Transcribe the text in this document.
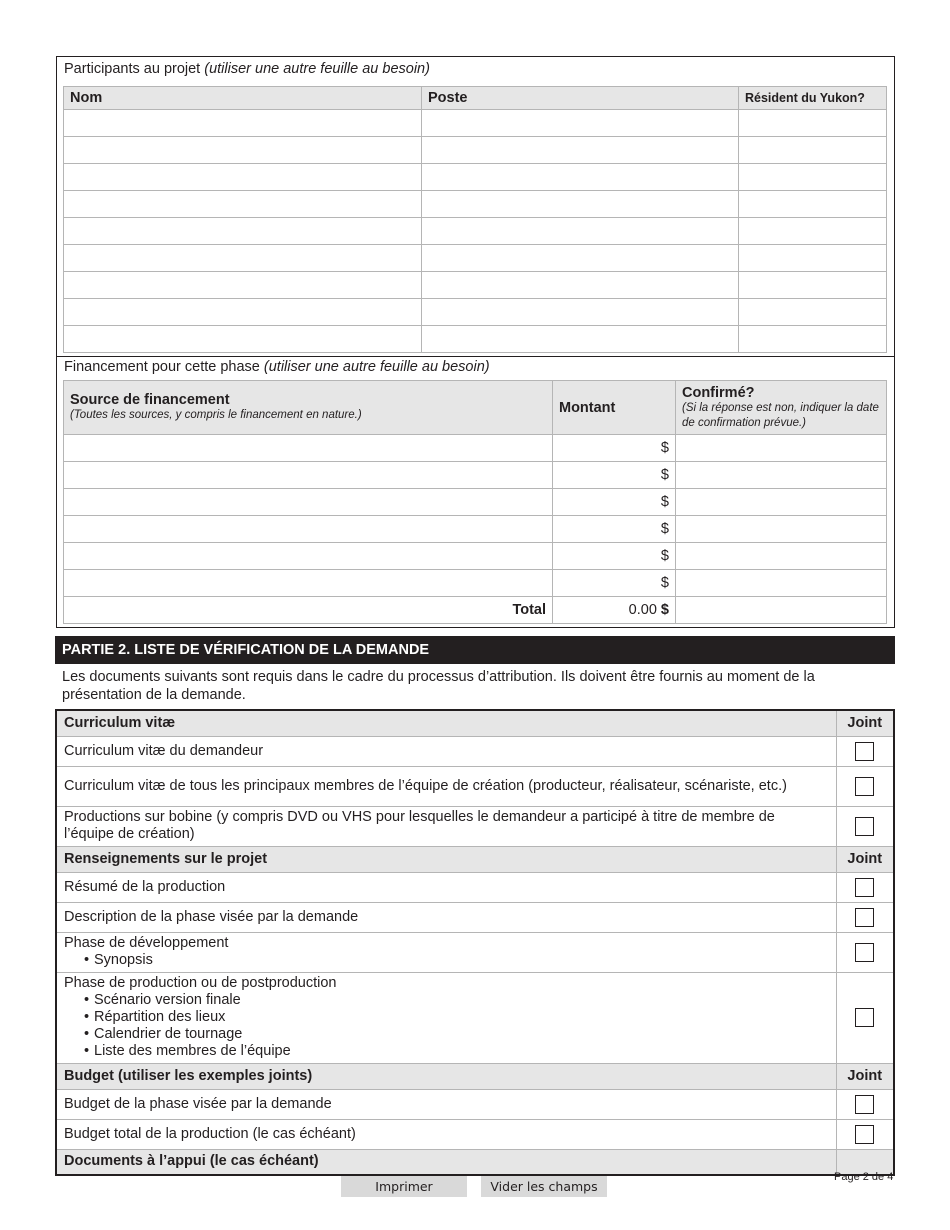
Participants au projet (utiliser une autre feuille au besoin)
Nom	Poste	Résident du Yukon?

Financement pour cette phase (utiliser une autre feuille au besoin)
Source de financement
(Toutes les sources, y compris le financement en nature.)	Montant	Confirmé?
(Si la réponse est non, indiquer la date de confirmation prévue.)

	$	
	$	
	$	
	$	
	$	
	$	
Total	0.00 $	
PARTIE 2. LISTE DE VÉRIFICATION DE LA DEMANDE
Les documents suivants sont requis dans le cadre du processus d’attribution. Ils doivent être fournis au moment de la présentation de la demande.
Curriculum vitæ	Joint

Curriculum vitæ du demandeur	

Curriculum vitæ de tous les principaux membres de l’équipe de création (producteur, réalisateur, scénariste, etc.)	

Productions sur bobine (y compris DVD ou VHS pour lesquelles le demandeur a participé à titre de membre de l’équipe de création)	

Renseignements sur le projet	Joint

Résumé de la production	

Description de la phase visée par la demande	

Phase de développement
• Synopsis

Phase de production ou de postproduction
• Scénario version finale
• Répartition des lieux
• Calendrier de tournage
• Liste des membres de l’équipe

Budget (utiliser les exemples joints)	Joint

Budget de la phase visée par la demande	

Budget total de la production (le cas échéant)	

Documents à l’appui (le cas échéant)	
Imprimer	Vider les champs
Page 2 de 4
